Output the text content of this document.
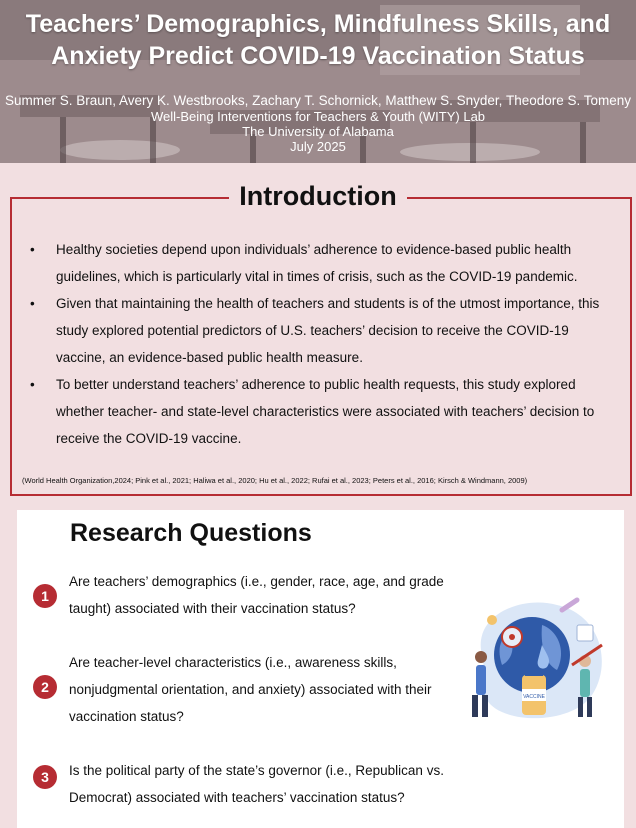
Teachers’ Demographics, Mindfulness Skills, and
Anxiety Predict COVID-19 Vaccination Status
Summer S. Braun, Avery K. Westbrooks, Zachary T. Schornick, Matthew S. Snyder, Theodore S. Tomeny
Well-Being Interventions for Teachers & Youth (WITY) Lab
The University of Alabama
July 2025
Introduction
• Healthy societies depend upon individuals’ adherence to evidence-based public health guidelines, which is particularly vital in times of crisis, such as the COVID-19 pandemic.
• Given that maintaining the health of teachers and students is of the utmost importance, this study explored potential predictors of U.S. teachers’ decision to receive the COVID-19 vaccine, an evidence-based public health measure.
• To better understand teachers’ adherence to public health requests, this study explored whether teacher- and state-level characteristics were associated with teachers’ decision to receive the COVID-19 vaccine.
(World Health Organization,2024; Pink et al., 2021; Haliwa et al., 2020; Hu et al., 2022; Rufai et al., 2023; Peters et al., 2016; Kirsch & Windmann, 2009)
Research Questions
1
Are teachers’ demographics (i.e., gender, race, age, and grade taught) associated with their vaccination status?
2
Are teacher-level characteristics (i.e., awareness skills, nonjudgmental orientation, and anxiety) associated with their vaccination status?
3	Is the political party of the state’s governor (i.e., Republican vs. Democrat) associated with teachers’ vaccination status?
VACCINE
